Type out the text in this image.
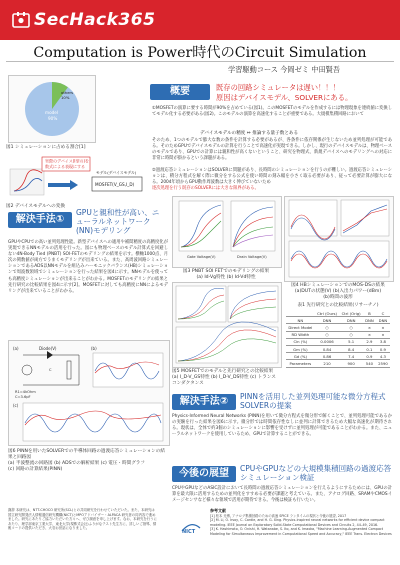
SecHack365
Computation is Power時代のCircuit Simulation
学習駆動コース 今岡ゼミ 中田賢吾
others
10%
model
90%
図1 シミュレーションに占める割合[1]
実際のデバイス(I型の)を
数式による表現にする
MOSFET(V_GS,I_D)
モデル(デバイスモデル)
図2 デバイスモデルへの変換
概要	既存の回路シミュレータは遅い！！！
原因はデバイスモデル、SOLVERにある。
①MOSFETの演算に要する時間が90%を占めている(図1)。このMOSFETのモデルを作成するには物理現象を連続値に変換してモデル化する必要がある(図2)。このモデルの演算を高速化することが重要である。大規模集積回路において
デバイスモデルの精度 ⇔ 推論する量子数とある
そのため、1つのモデルで膨大な数の条件を計算する必要があるが、各条件に依存関係が生じないため並列処理が可能である。そのためGPUでデバイスモデルの計算を行うことで高速化が実現できる。しかし、現行のデバイスモデルは、物理ベースのモデルであり、GPUでの計算には親和性が高くないということ、研究を物理式、新規デバイスへのモデリングへの対応に非常に時間が掛かるという課題がある。
②過渡応答シミュレーションはSOLVERに問題があり、長時間のシミュレーションを行うのが難しい。過渡応答シミュレーションは、積分方程式を解く際に微分をする公式を使い時間の刻み幅を小さく取る必要があり、従って必要計算が膨大になる。2004年頃からGPU動作周波数は大きく伸びていないため
逐次処理を行う既存のSOLVERには大きな限界がある。
解決手法①
GPUと親和性が高い、ニューラルネットワーク(NN)モデリング
GPUやCPUでの高い並列処理性能。新型デバイスへの適用や補間精度の高精度化が実現できるNNモデルの活用を行った。図にも物理ベースのモデル計算式を回避しない4N-Body Tied (PNBT) SOI-FETのモデリングの結果を示す。横軸1000点、月次の関数値が両方でうまくモデリングが出来ている。また、高周波回路シミュレーションであるADS以NNモデルを組込みハーモニックバランス(HB)シミュレーションで周波数領域でシミュレーションを行った結果を図4に示す。NNモデルを使っても高精度シミュレーションが出来ることがわかる。MOSFETのモデリングの結果と先行研究の比較結果を図4に示す[2]。MOSFETに対しても高精度にNNによるモデリングが出来ていることがわかる。
Gate Voltage(V)	Drain Voltage(V)
図3 PNBT SOI FETでのモデリングの結果
(a) Id-Vg特性 (b) Id-Vd特性
図4 HBシミュレーションでのMOS-DSの結果
(a)DUTの状態(V) (b)入出力パワー(dBm)
(b)時間の波形
図5 MOSFETでのモデルと先行研究との比較結果
(a) I_D-V_GS特性 (b) I_D-V_DS特性 (c) トランスコンダクタンス
表1 先行研究との比較結果(リサーチノ)
	Ctrl (Ours)	Ctrl (Orig)	B	C
NN	DNN	DNN	DNN	DNN
Direct Model	○	○	×	×
RD Width	○	○	×	×
Cin (%)	0.0006	5.1	2.9	3.8
Gm (%)	0.84	8.4	0.1	0.9
Gd (%)	0.86	7.4	0.9	4.3
Parameters	210	900	540	2590
(a)	Diode(V)
C
R1=4kOhm
C=3.6pF
(b)
(c)
図6 PINNを用いたSOLVERでの半導体回路の過渡応答シミュレーションの結果と回路図
(a) 半波整流の回路図 (b) ADSでの解析結果 (c) 電圧・時間グラフ
(c) 回路の計算結果(PINN)
解決手法②	PINNを活用した並列処理可能な微分方程式SOLVERの提案
Physics-Informed Neural Networks (PINN)を用いて微分方程式を微分形で解くことで、並列処理可能であるかの実験を行った結果を図6に示す。微分形では時間依存性なしに並列に計算できるため大幅な高速化が期待される。現状は、全体で約3個のシミュレーションに影響を受けずに並列処理が可能であることがわかる。また、ニューラルネットワークを使用しているため、GPUで計算することができる。
今後の展望	CPUやGPUなどの大規模集積回路の過渡応答シミュレーション検証
CPUやGPUなどのASIC設計において長時間の過渡応答シミュレーションを行えるようにするためには、GPUの計算を最大限に活用するための並列化をすすめる必要が課題と考えている。また、アナログ回路、SRAMやCMOSイメージセンサなど様々な領域で活用が期待できる。今後は検証も行いたい。
謝辞 本研究は、NTT-CHOCO 研究所(SCL)との共同研究を行わせていただいた。また、本研究は国立研究開発法人情報通信研究機構(NICT)とMPOアドバイザー・ALPACA 研究者の同内容で進めました。研究にあたりご協力いただいた方々へ、ぜひ謝意を申し上げます。なお、本研究を行うにあたり、理学部東京工業大学、東北大学(現株式会社)ふりがなテスト先生方に、詳しいご指導、情報コードの提供いただき、大変お世話になりました。
参考文献
[1] 松本 光博, アナログ集積回路のための高速 SPICE ランタイムの現状と今後の展望, 2017
[2] M. Li, O. İrsoy, C. Cardie, and H. G. Xing. Physics-inspired neural networks for efficient device compact modeling. IEEE Journal on Exploratory Solid-State Computational Devices and Circuits 2, 44–49, 2016.
[3] K. Hashimoto, O. Onishi, H. Watanabe, S. Ito, and K. Imaoka, "Machine Learning-Augmented Compact Modeling for Simultaneous Improvement in Computational Speed and Accuracy," IEEE Trans. Electron Devices
NICT
